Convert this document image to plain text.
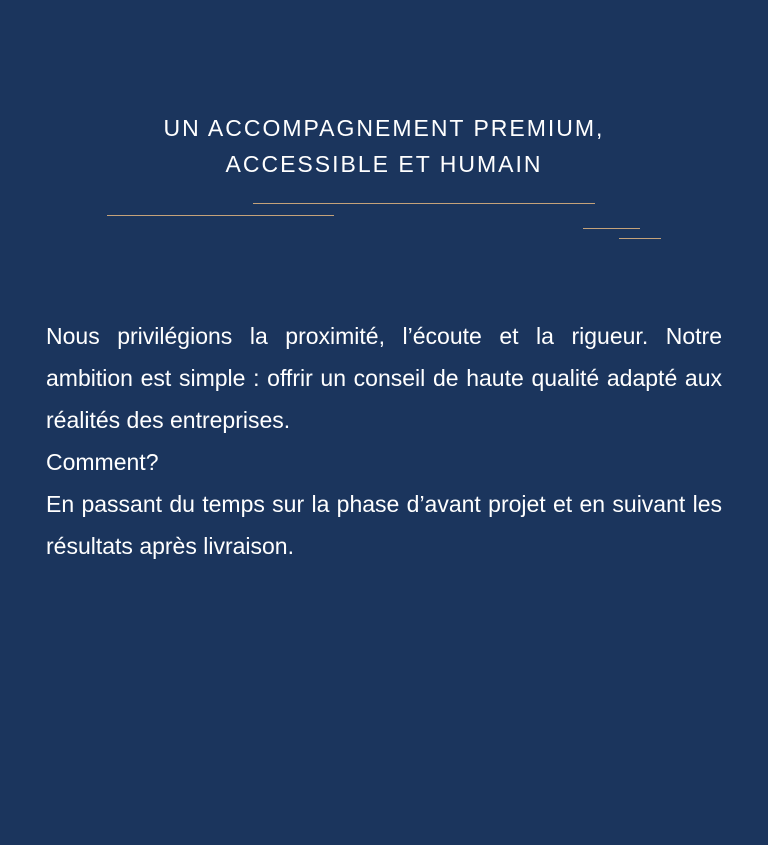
UN ACCOMPAGNEMENT PREMIUM,
ACCESSIBLE ET HUMAIN

Nous privilégions la proximité, l’écoute et la rigueur. Notre ambition est simple : offrir un conseil de haute qualité adapté aux réalités des entreprises.

Comment?

En passant du temps sur la phase d’avant projet et en suivant les résultats après livraison.
